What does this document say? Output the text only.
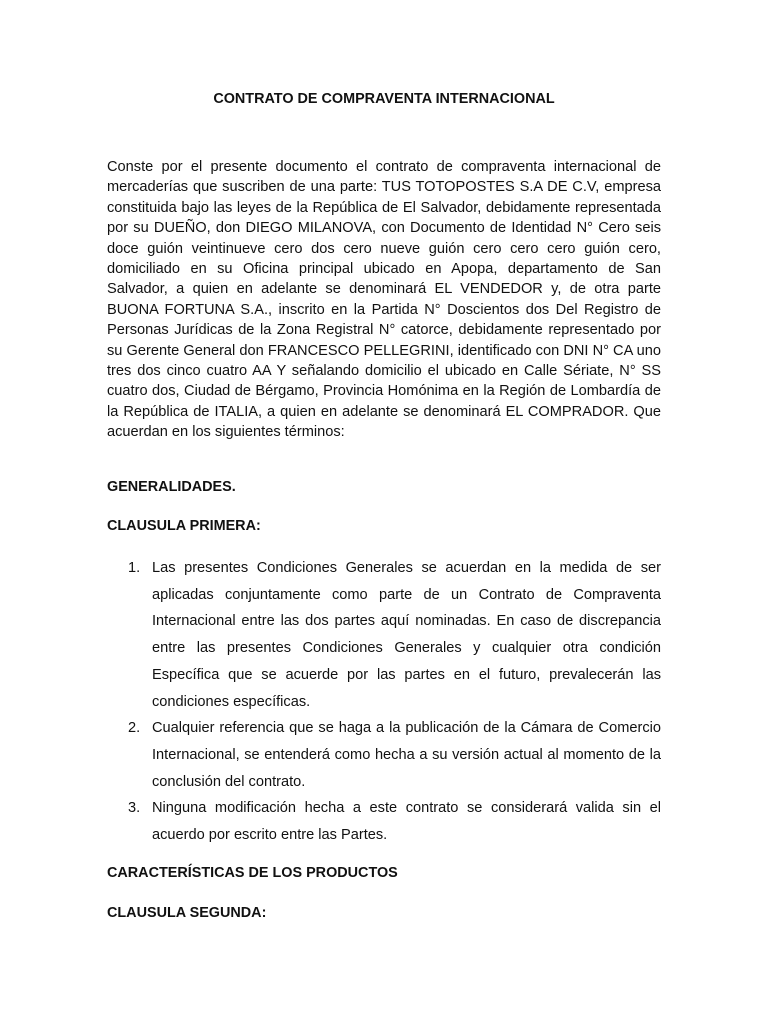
CONTRATO DE COMPRAVENTA INTERNACIONAL

Conste por el presente documento el contrato de compraventa internacional de mercaderías que suscriben de una parte: TUS TOTOPOSTES S.A DE C.V, empresa constituida bajo las leyes de la República de El Salvador, debidamente representada por su DUEÑO, don DIEGO MILANOVA, con Documento de Identidad N° Cero seis doce guión veintinueve cero dos cero nueve guión cero cero cero guión cero, domiciliado en su Oficina principal ubicado en Apopa, departamento de San Salvador, a quien en adelante se denominará EL VENDEDOR y, de otra parte BUONA FORTUNA S.A., inscrito en la Partida N° Doscientos dos Del Registro de Personas Jurídicas de la Zona Registral N° catorce, debidamente representado por su Gerente General don FRANCESCO PELLEGRINI, identificado con DNI N° CA uno tres dos cinco cuatro AA Y señalando domicilio el ubicado en Calle Sériate, N° SS cuatro dos, Ciudad de Bérgamo, Provincia Homónima en la Región de Lombardía de la República de ITALIA, a quien en adelante se denominará EL COMPRADOR. Que acuerdan en los siguientes términos:

GENERALIDADES.

CLAUSULA PRIMERA:

1. Las presentes Condiciones Generales se acuerdan en la medida de ser aplicadas conjuntamente como parte de un Contrato de Compraventa Internacional entre las dos partes aquí nominadas. En caso de discrepancia entre las presentes Condiciones Generales y cualquier otra condición Específica que se acuerde por las partes en el futuro, prevalecerán las condiciones específicas.
2. Cualquier referencia que se haga a la publicación de la Cámara de Comercio Internacional, se entenderá como hecha a su versión actual al momento de la conclusión del contrato.
3. Ninguna modificación hecha a este contrato se considerará valida sin el acuerdo por escrito entre las Partes.

CARACTERÍSTICAS DE LOS PRODUCTOS

CLAUSULA SEGUNDA:
